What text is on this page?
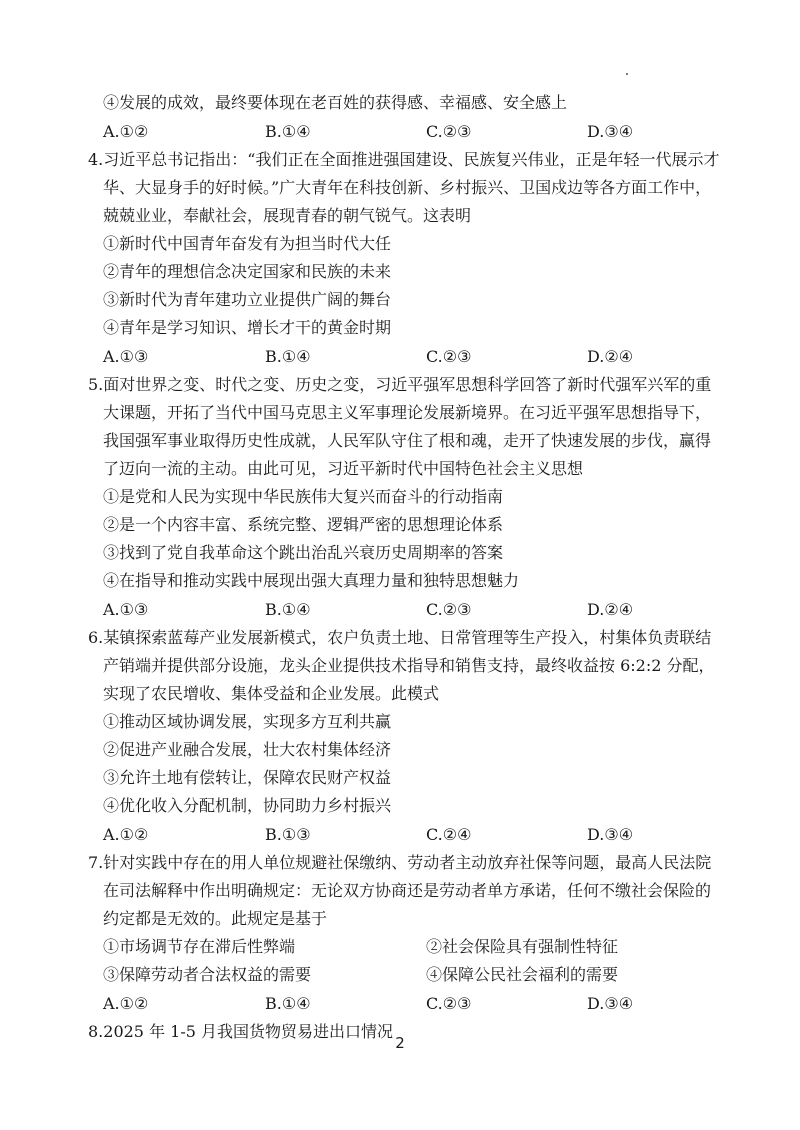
④发展的成效，最终要体现在老百姓的获得感、幸福感、安全感上
A.①②	B.①④	C.②③	D.③④
4.习近平总书记指出：“我们正在全面推进强国建设、民族复兴伟业，正是年轻一代展示才
华、大显身手的好时候。”广大青年在科技创新、乡村振兴、卫国戍边等各方面工作中，
兢兢业业，奉献社会，展现青春的朝气锐气。这表明
①新时代中国青年奋发有为担当时代大任
②青年的理想信念决定国家和民族的未来
③新时代为青年建功立业提供广阔的舞台
④青年是学习知识、增长才干的黄金时期
A.①③	B.①④	C.②③	D.②④
5.面对世界之变、时代之变、历史之变，习近平强军思想科学回答了新时代强军兴军的重
大课题，开拓了当代中国马克思主义军事理论发展新境界。在习近平强军思想指导下，
我国强军事业取得历史性成就，人民军队守住了根和魂，走开了快速发展的步伐，赢得
了迈向一流的主动。由此可见，习近平新时代中国特色社会主义思想
①是党和人民为实现中华民族伟大复兴而奋斗的行动指南
②是一个内容丰富、系统完整、逻辑严密的思想理论体系
③找到了党自我革命这个跳出治乱兴衰历史周期率的答案
④在指导和推动实践中展现出强大真理力量和独特思想魅力
A.①③	B.①④	C.②③	D.②④
6.某镇探索蓝莓产业发展新模式，农户负责土地、日常管理等生产投入，村集体负责联结
产销端并提供部分设施，龙头企业提供技术指导和销售支持，最终收益按 6:2:2 分配，
实现了农民增收、集体受益和企业发展。此模式
①推动区域协调发展，实现多方互利共赢
②促进产业融合发展，壮大农村集体经济
③允许土地有偿转让，保障农民财产权益
④优化收入分配机制，协同助力乡村振兴
A.①②	B.①③	C.②④	D.③④
7.针对实践中存在的用人单位规避社保缴纳、劳动者主动放弃社保等问题，最高人民法院
在司法解释中作出明确规定：无论双方协商还是劳动者单方承诺，任何不缴社会保险的
约定都是无效的。此规定是基于
①市场调节存在滞后性弊端	②社会保险具有强制性特征
③保障劳动者合法权益的需要	④保障公民社会福利的需要
A.①②	B.①④	C.②③	D.③④
8.2025 年 1-5 月我国货物贸易进出口情况
2
